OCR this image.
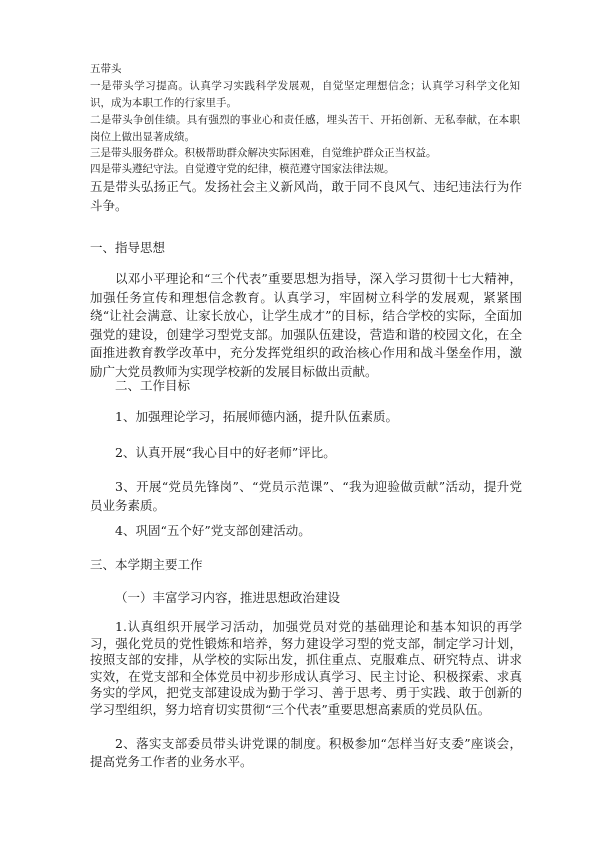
五带头

一是带头学习提高。认真学习实践科学发展观，自觉坚定理想信念；认真学习科学文化知识，成为本职工作的行家里手。

二是带头争创佳绩。具有强烈的事业心和责任感，埋头苦干、开拓创新、无私奉献，在本职岗位上做出显著成绩。

三是带头服务群众。积极帮助群众解决实际困难，自觉维护群众正当权益。

四是带头遵纪守法。自觉遵守党的纪律，模范遵守国家法律法规。

五是带头弘扬正气。发扬社会主义新风尚，敢于同不良风气、违纪违法行为作斗争。

一、指导思想

以邓小平理论和“三个代表”重要思想为指导，深入学习贯彻十七大精神，加强任务宣传和理想信念教育。认真学习，牢固树立科学的发展观，紧紧围绕“让社会满意、让家长放心，让学生成才”的目标，结合学校的实际，全面加强党的建设，创建学习型党支部。加强队伍建设，营造和谐的校园文化，在全面推进教育教学改革中，充分发挥党组织的政治核心作用和战斗堡垒作用，激励广大党员教师为实现学校新的发展目标做出贡献。

二、工作目标

1、加强理论学习，拓展师德内涵，提升队伍素质。

2、认真开展“我心目中的好老师”评比。

3、开展“党员先锋岗”、“党员示范课”、“我为迎验做贡献”活动，提升党员业务素质。

4、巩固“五个好”党支部创建活动。

三、本学期主要工作

（一）丰富学习内容，推进思想政治建设

1.认真组织开展学习活动，加强党员对党的基础理论和基本知识的再学习，强化党员的党性锻炼和培养，努力建设学习型的党支部，制定学习计划，按照支部的安排，从学校的实际出发，抓住重点、克服难点、研究特点、讲求实效，在党支部和全体党员中初步形成认真学习、民主讨论、积极探索、求真务实的学风，把党支部建设成为勤于学习、善于思考、勇于实践、敢于创新的学习型组织，努力培育切实贯彻“三个代表”重要思想高素质的党员队伍。

2、落实支部委员带头讲党课的制度。积极参加“怎样当好支委”座谈会，提高党务工作者的业务水平。
